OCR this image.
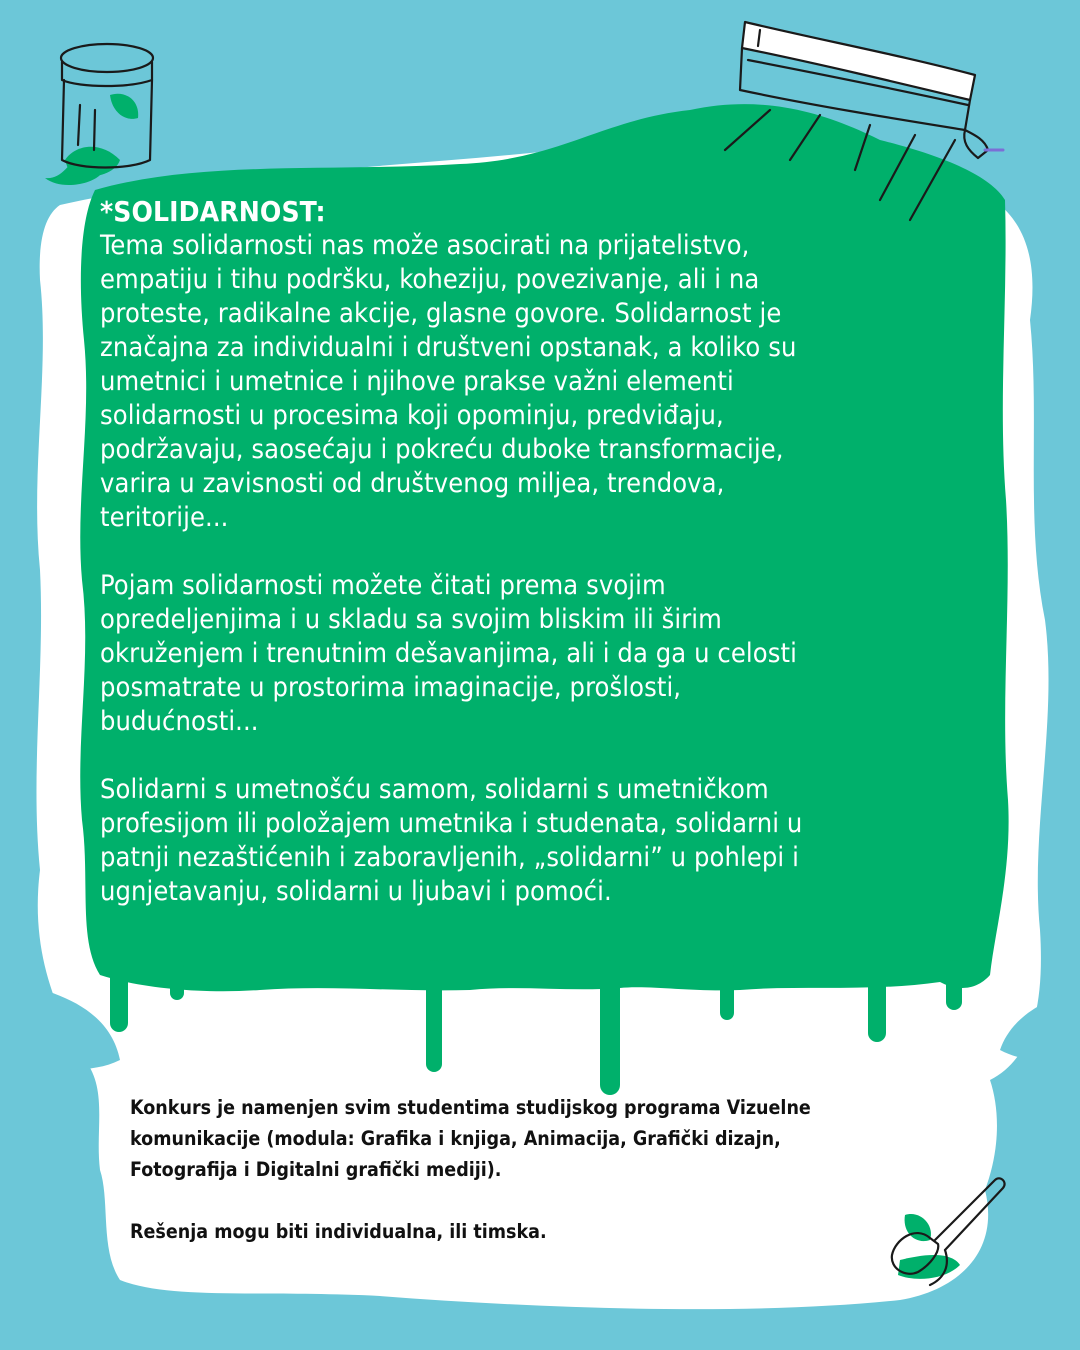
*SOLIDARNOST:

Tema solidarnosti nas može asocirati na prijatelistvo,

empatiju i tihu podršku, koheziju, povezivanje, ali i na

proteste, radikalne akcije, glasne govore. Solidarnost je

značajna za individualni i društveni opstanak, a koliko su

umetnici i umetnice i njihove prakse važni elementi

solidarnosti u procesima koji opominju, predviđaju,

podržavaju, saosećaju i pokreću duboke transformacije,

varira u zavisnosti od društvenog miljea, trendova,

teritorije...

Pojam solidarnosti možete čitati prema svojim

opredeljenjima i u skladu sa svojim bliskim ili širim

okruženjem i trenutnim dešavanjima, ali i da ga u celosti

posmatrate u prostorima imaginacije, prošlosti,

budućnosti...

Solidarni s umetnošću samom, solidarni s umetničkom

profesijom ili položajem umetnika i studenata, solidarni u

patnji nezaštićenih i zaboravljenih, „solidarni” u pohlepi i

ugnjetavanju, solidarni u ljubavi i pomoći.

Konkurs je namenjen svim studentima studijskog programa Vizuelne

komunikacije (modula: Grafika i knjiga, Animacija, Grafički dizajn,

Fotografija i Digitalni grafički mediji).

Rešenja mogu biti individualna, ili timska.
